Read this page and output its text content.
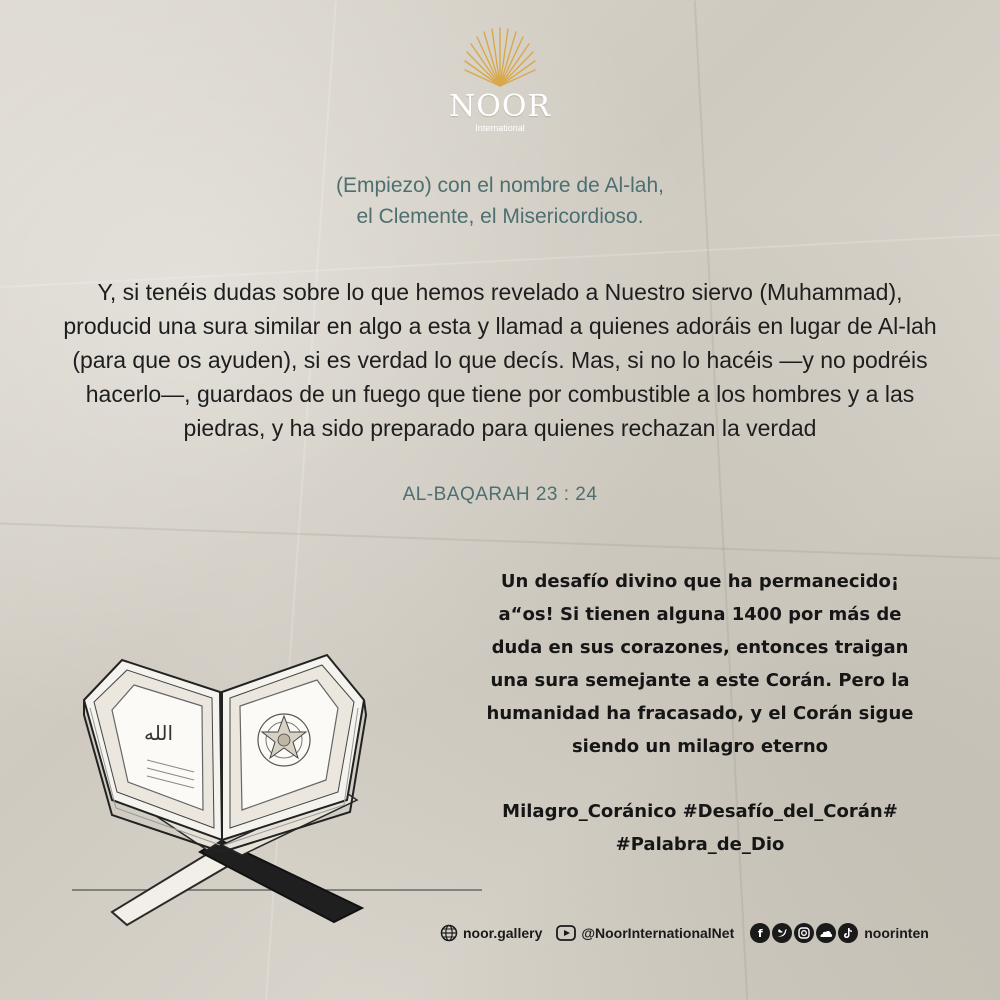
NOOR
International
(Empiezo) con el nombre de Al-lah,
el Clemente, el Misericordioso.
Y, si tenéis dudas sobre lo que hemos revelado a Nuestro siervo (Muhammad), producid una sura similar en algo a esta y llamad a quienes adoráis en lugar de Al-lah (para que os ayuden), si es verdad lo que decís. Mas, si no lo hacéis —y no podréis hacerlo—, guardaos de un fuego que tiene por combustible a los hombres y a las piedras, y ha sido preparado para quienes rechazan la verdad
AL-BAQARAH 23 : 24
Un desafío divino que ha permanecido¡
a“os! Si tienen alguna 1400 por más de
duda en sus corazones, entonces traigan
una sura semejante a este Corán. Pero la
humanidad ha fracasado, y el Corán sigue
siendo un milagro eterno
Milagro_Coránico #Desafío_del_Corán#
#Palabra_de_Dio
الله
noor.gallery	@NoorInternationalNet	f	noorinten
